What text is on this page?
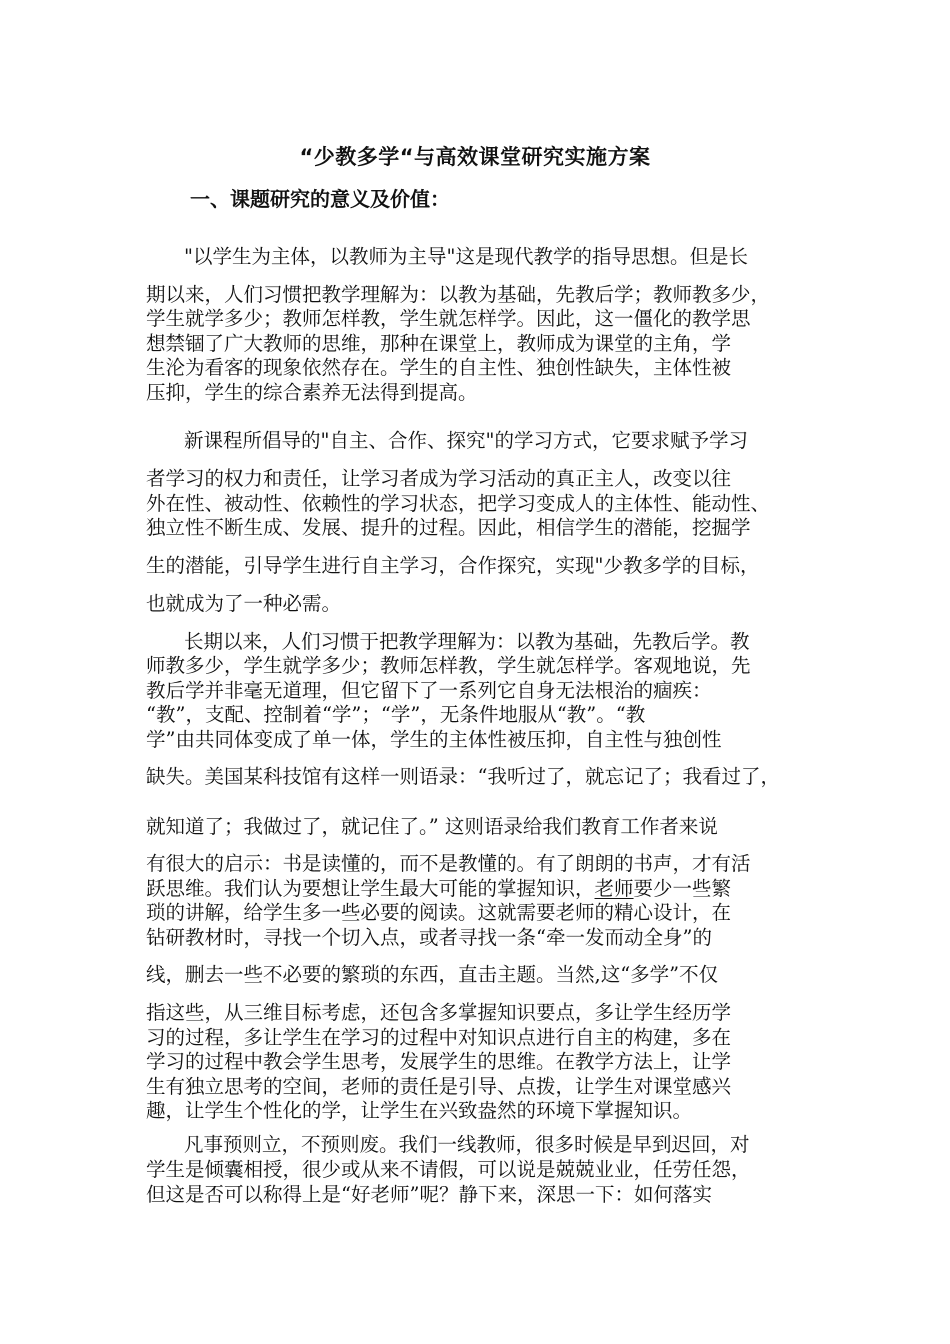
“少教多学“与高效课堂研究实施方案
一、课题研究的意义及价值：
"以学生为主体，以教师为主导"这是现代教学的指导思想。但是长
期以来，人们习惯把教学理解为：以教为基础，先教后学；教师教多少，
学生就学多少；教师怎样教，学生就怎样学。因此，这一僵化的教学思
想禁锢了广大教师的思维，那种在课堂上，教师成为课堂的主角，学
生沦为看客的现象依然存在。学生的自主性、独创性缺失，主体性被
压抑，学生的综合素养无法得到提高。
新课程所倡导的"自主、合作、探究"的学习方式，它要求赋予学习
者学习的权力和责任，让学习者成为学习活动的真正主人，改变以往
外在性、被动性、依赖性的学习状态，把学习变成人的主体性、能动性、
独立性不断生成、发展、提升的过程。因此，相信学生的潜能，挖掘学
生的潜能，引导学生进行自主学习，合作探究，实现"少教多学的目标，
也就成为了一种必需。
长期以来，人们习惯于把教学理解为：以教为基础，先教后学。教
师教多少，学生就学多少；教师怎样教，学生就怎样学。客观地说，先
教后学并非毫无道理，但它留下了一系列它自身无法根治的痼疾：
“教”，支配、控制着“学”；“学”，无条件地服从“教”。“教
学”由共同体变成了单一体，学生的主体性被压抑，自主性与独创性
缺失。美国某科技馆有这样一则语录：“我听过了，就忘记了；我看过了，
就知道了；我做过了，就记住了。” 这则语录给我们教育工作者来说
有很大的启示：书是读懂的，而不是教懂的。有了朗朗的书声，才有活
跃思维。我们认为要想让学生最大可能的掌握知识，老师要少一些繁
琐的讲解，给学生多一些必要的阅读。这就需要老师的精心设计，在
钻研教材时，寻找一个切入点，或者寻找一条“牵一发而动全身”的
线，删去一些不必要的繁琐的东西，直击主题。当然,这“多学”不仅
指这些，从三维目标考虑，还包含多掌握知识要点，多让学生经历学
习的过程，多让学生在学习的过程中对知识点进行自主的构建，多在
学习的过程中教会学生思考，发展学生的思维。在教学方法上，让学
生有独立思考的空间，老师的责任是引导、点拨，让学生对课堂感兴
趣，让学生个性化的学，让学生在兴致盎然的环境下掌握知识。
凡事预则立，不预则废。我们一线教师，很多时候是早到迟回，对
学生是倾囊相授，很少或从来不请假，可以说是兢兢业业，任劳任怨，
但这是否可以称得上是“好老师”呢？静下来，深思一下：如何落实
